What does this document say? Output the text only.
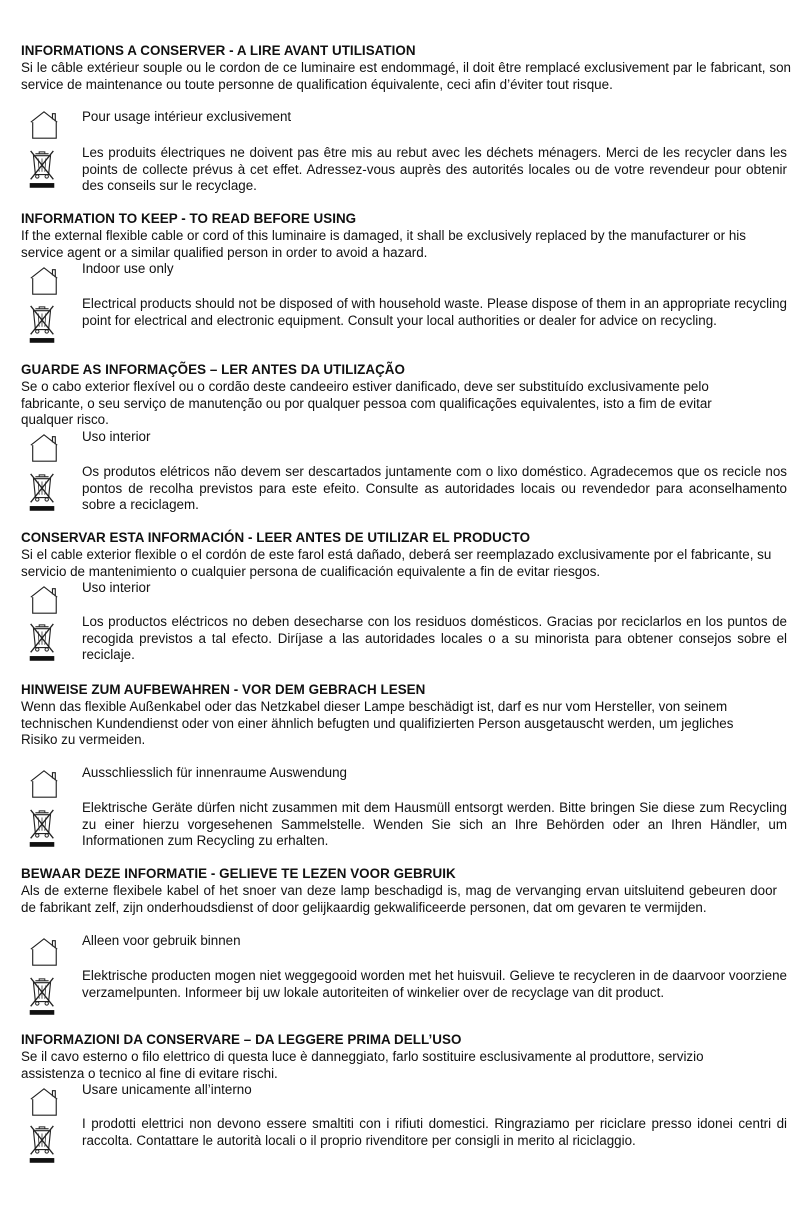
INFORMATIONS A CONSERVER - A LIRE AVANT UTILISATION
Si le câble extérieur souple ou le cordon de ce luminaire est endommagé, il doit être remplacé exclusivement par le fabricant, son service de maintenance ou toute personne de qualification équivalente, ceci afin d’éviter tout risque.
Pour usage intérieur exclusivement
Les produits électriques ne doivent pas être mis au rebut avec les déchets ménagers. Merci de les recycler dans les points de collecte prévus à cet effet. Adressez-vous auprès des autorités locales ou de votre revendeur pour obtenir des conseils sur le recyclage.
INFORMATION TO KEEP - TO READ BEFORE USING
If the external flexible cable or cord of this luminaire is damaged, it shall be exclusively replaced by the manufacturer or his service agent or a similar qualified person in order to avoid a hazard.
Indoor use only
Electrical products should not be disposed of with household waste. Please dispose of them in an appropriate recycling point for electrical and electronic equipment. Consult your local authorities or dealer for advice on recycling.
GUARDE AS INFORMAÇÕES – LER ANTES DA UTILIZAÇÃO
Se o cabo exterior flexível ou o cordão deste candeeiro estiver danificado, deve ser substituído exclusivamente pelo fabricante, o seu serviço de manutenção ou por qualquer pessoa com qualificações equivalentes, isto a fim de evitar qualquer risco.
Uso interior
Os produtos elétricos não devem ser descartados juntamente com o lixo doméstico. Agradecemos que os recicle nos pontos de recolha previstos para este efeito. Consulte as autoridades locais ou revendedor para aconselhamento sobre a reciclagem.
CONSERVAR ESTA INFORMACIÓN - LEER ANTES DE UTILIZAR EL PRODUCTO
Si el cable exterior flexible o el cordón de este farol está dañado, deberá ser reemplazado exclusivamente por el fabricante, su servicio de mantenimiento o cualquier persona de cualificación equivalente a fin de evitar riesgos.
Uso interior
Los productos eléctricos no deben desecharse con los residuos domésticos. Gracias por reciclarlos en los puntos de recogida previstos a tal efecto. Diríjase a las autoridades locales o a su minorista para obtener consejos sobre el reciclaje.
HINWEISE ZUM AUFBEWAHREN - VOR DEM GEBRACH LESEN
Wenn das flexible Außenkabel oder das Netzkabel dieser Lampe beschädigt ist, darf es nur vom Hersteller, von seinem technischen Kundendienst oder von einer ähnlich befugten und qualifizierten Person ausgetauscht werden, um jegliches Risiko zu vermeiden.
Ausschliesslich für innenraume Auswendung
Elektrische Geräte dürfen nicht zusammen mit dem Hausmüll entsorgt werden. Bitte bringen Sie diese zum Recycling zu einer hierzu vorgesehenen Sammelstelle. Wenden Sie sich an Ihre Behörden oder an Ihren Händler, um Informationen zum Recycling zu erhalten.
BEWAAR DEZE INFORMATIE - GELIEVE TE LEZEN VOOR GEBRUIK
Als de externe flexibele kabel of het snoer van deze lamp beschadigd is, mag de vervanging ervan uitsluitend gebeuren door de fabrikant zelf, zijn onderhoudsdienst of door gelijkaardig gekwalificeerde personen, dat om gevaren te vermijden.
Alleen voor gebruik binnen
Elektrische producten mogen niet weggegooid worden met het huisvuil. Gelieve te recycleren in de daarvoor voorziene verzamelpunten. Informeer bij uw lokale autoriteiten of winkelier over de recyclage van dit product.
INFORMAZIONI DA CONSERVARE – DA LEGGERE PRIMA DELL’USO
Se il cavo esterno o filo elettrico di questa luce è danneggiato, farlo sostituire esclusivamente al produttore, servizio assistenza o tecnico al fine di evitare rischi.
Usare unicamente all’interno
I prodotti elettrici non devono essere smaltiti con i rifiuti domestici. Ringraziamo per riciclare presso idonei centri di raccolta. Contattare le autorità locali o il proprio rivenditore per consigli in merito al riciclaggio.
